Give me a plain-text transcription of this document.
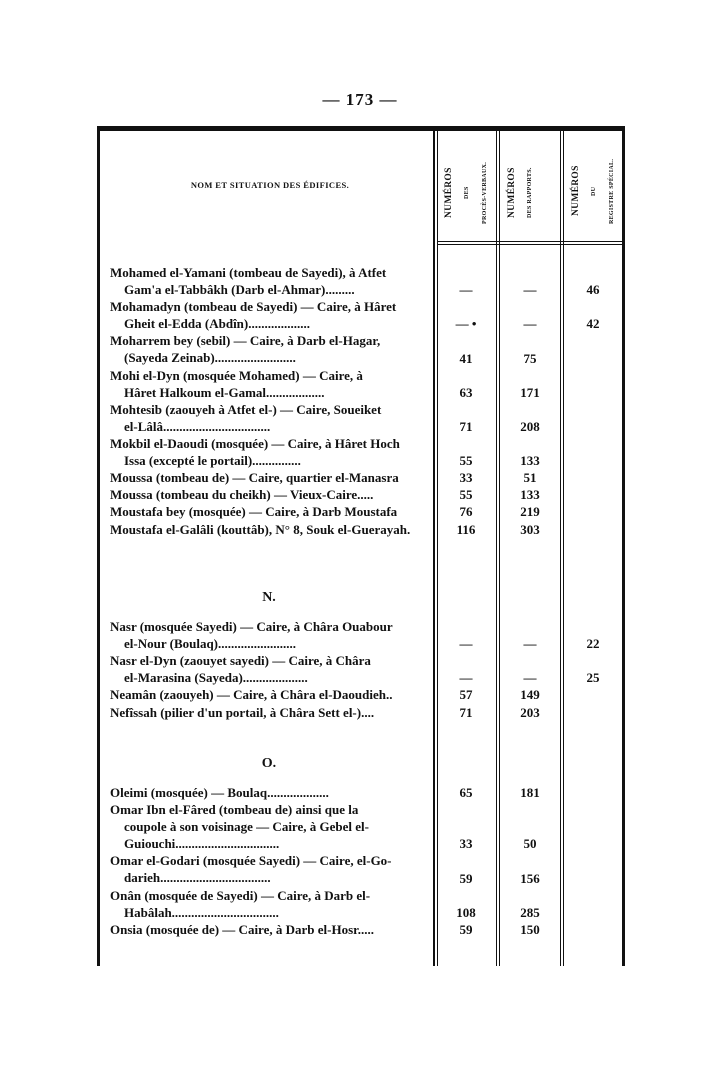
— 173 —
NOM ET SITUATION DES ÉDIFICES.	NUMÉROS DES PROCÈS-VERBAUX.	NUMÉROS DES RAPPORTS.	NUMÉROS DU REGISTRE SPÉCIAL.
Mohamed el-Yamani (tombeau de Sayedi), à Atfet
Gam'a el-Tabbâkh (Darb el-Ahmar).........	—	—	46
Mohamadyn (tombeau de Sayedi) — Caire, à Hâret
Gheit el-Edda (Abdîn)...................	— •	—	42
Moharrem bey (sebil) — Caire, à Darb el-Hagar,
(Sayeda Zeinab).........................	41	75
Mohi el-Dyn (mosquée Mohamed) — Caire, à
Hâret Halkoum el-Gamal..................	63	171
Mohtesib (zaouyeh à Atfet el-) — Caire, Soueiket
el-Lâlâ.................................	71	208
Mokbil el-Daoudi (mosquée) — Caire, à Hâret Hoch
Issa (excepté le portail)...............	55	133
Moussa (tombeau de) — Caire, quartier el-Manasra	33	51
Moussa (tombeau du cheikh) — Vieux-Caire.....	55	133
Moustafa bey (mosquée) — Caire, à Darb Moustafa	76	219
Moustafa el-Galâli (kouttâb), N° 8, Souk el-Guerayah.	116	303
N.
Nasr (mosquée Sayedi) — Caire, à Châra Ouabour
el-Nour (Boulaq)........................	—	—	22
Nasr el-Dyn (zaouyet sayedi) — Caire, à Châra
el-Marasina (Sayeda)....................	—	—	25
Neamân (zaouyeh) — Caire, à Châra el-Daoudieh..	57	149
Nefîssah (pilier d'un portail, à Châra Sett el-)....	71	203
O.
Oleimi (mosquée) — Boulaq...................	65	181
Omar Ibn el-Fâred (tombeau de) ainsi que la
coupole à son voisinage — Caire, à Gebel el-
Guiouchi................................	33	50
Omar el-Godari (mosquée Sayedi) — Caire, el-Go-
darieh..................................	59	156
Onân (mosquée de Sayedi) — Caire, à Darb el-
Habâlah.................................	108	285
Onsia (mosquée de) — Caire, à Darb el-Hosr.....	59	150
